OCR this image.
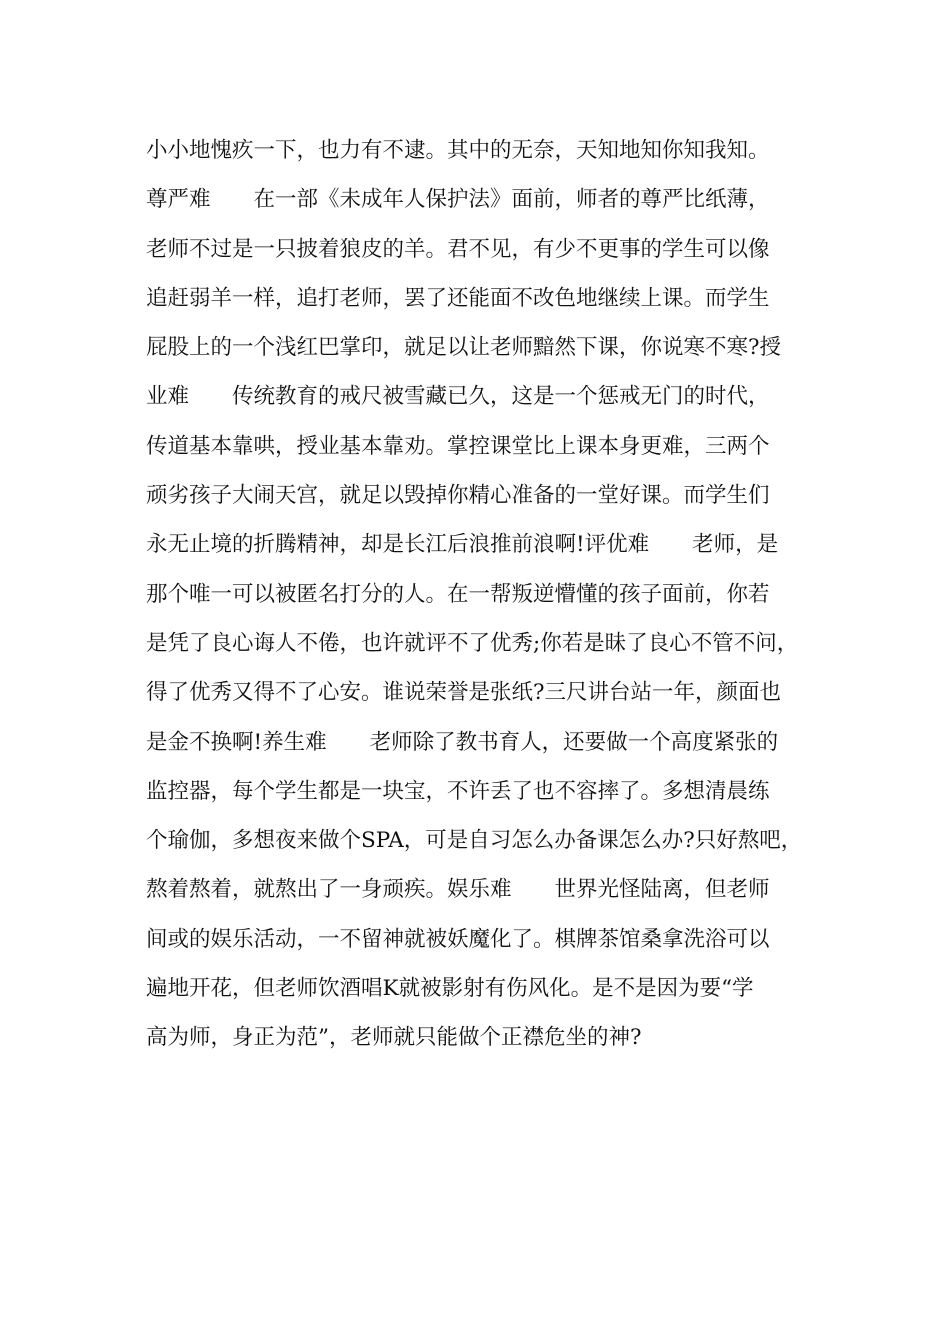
小小地愧疚一下，也力有不逮。其中的无奈，天知地知你知我知。
尊严难　　在一部《未成年人保护法》面前，师者的尊严比纸薄，
老师不过是一只披着狼皮的羊。君不见，有少不更事的学生可以像
追赶弱羊一样，追打老师，罢了还能面不改色地继续上课。而学生
屁股上的一个浅红巴掌印，就足以让老师黯然下课，你说寒不寒?授
业难　　传统教育的戒尺被雪藏已久，这是一个惩戒无门的时代，
传道基本靠哄，授业基本靠劝。掌控课堂比上课本身更难，三两个
顽劣孩子大闹天宫，就足以毁掉你精心准备的一堂好课。而学生们
永无止境的折腾精神，却是长江后浪推前浪啊!评优难　　老师，是
那个唯一可以被匿名打分的人。在一帮叛逆懵懂的孩子面前，你若
是凭了良心诲人不倦，也许就评不了优秀;你若是昧了良心不管不问，
得了优秀又得不了心安。谁说荣誉是张纸?三尺讲台站一年，颜面也
是金不换啊!养生难　　老师除了教书育人，还要做一个高度紧张的
监控器，每个学生都是一块宝，不许丢了也不容摔了。多想清晨练
个瑜伽，多想夜来做个SPA，可是自习怎么办备课怎么办?只好熬吧，
熬着熬着，就熬出了一身顽疾。娱乐难　　世界光怪陆离，但老师
间或的娱乐活动，一不留神就被妖魔化了。棋牌茶馆桑拿洗浴可以
遍地开花，但老师饮酒唱K就被影射有伤风化。是不是因为要“学
高为师，身正为范”，老师就只能做个正襟危坐的神?
